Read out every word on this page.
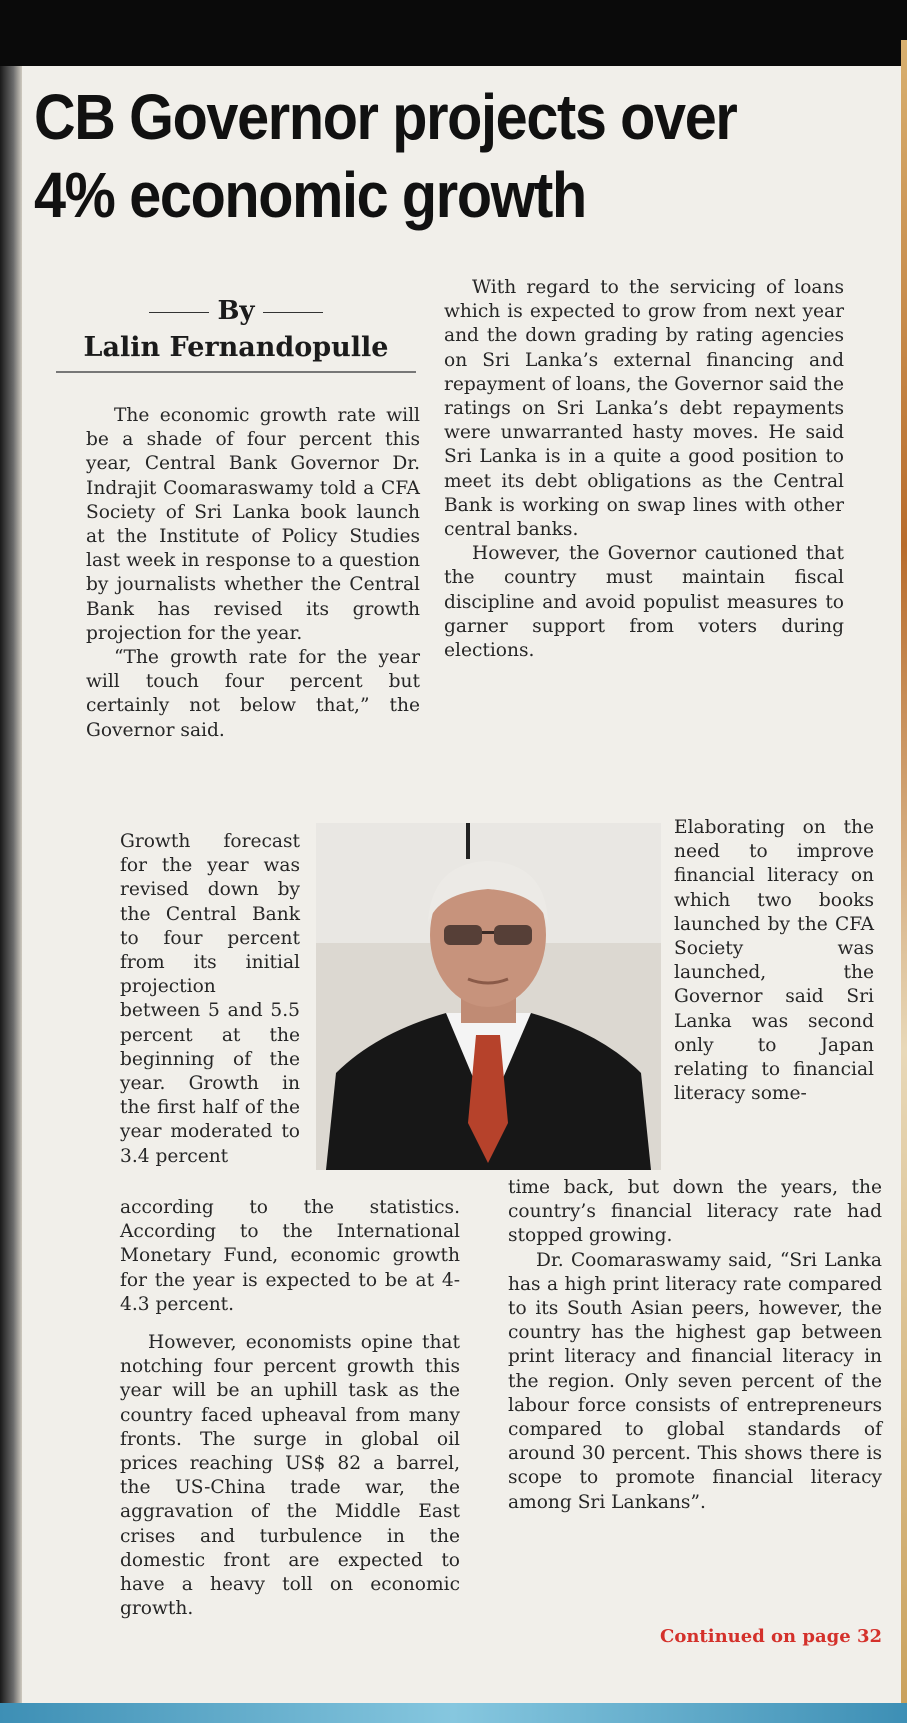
CB Governor projects over 4% economic growth
By
Lalin Fernandopulle

The economic growth rate will be a shade of four percent this year, Central Bank Governor Dr. Indrajit Coomaraswamy told a CFA Society of Sri Lanka book launch at the Institute of Policy Studies last week in response to a question by journalists whether the Central Bank has revised its growth projection for the year.

“The growth rate for the year will touch four percent but certainly not below that,” the Governor said.

Growth forecast for the year was revised down by the Central Bank to four percent from its initial projection between 5 and 5.5 percent at the beginning of the year. Growth in the first half of the year moderated to 3.4 percent

according to the statistics. According to the International Monetary Fund, economic growth for the year is expected to be at 4-4.3 percent.

However, economists opine that notching four percent growth this year will be an uphill task as the country faced upheaval from many fronts. The surge in global oil prices reaching US$ 82 a barrel, the US-China trade war, the aggravation of the Middle East crises and turbulence in the domestic front are expected to have a heavy toll on economic growth.

With regard to the servicing of loans which is expected to grow from next year and the down grading by rating agencies on Sri Lanka’s external financing and repayment of loans, the Governor said the ratings on Sri Lanka’s debt repayments were unwarranted hasty moves. He said Sri Lanka is in a quite a good position to meet its debt obligations as the Central Bank is working on swap lines with other central banks.

However, the Governor cautioned that the country must maintain fiscal discipline and avoid populist measures to garner support from voters during elections.

Elaborating on the need to improve financial literacy on which two books launched by the CFA Society was launched, the Governor said Sri Lanka was second only to Japan relating to financial literacy some-

time back, but down the years, the country’s financial literacy rate had stopped growing.

Dr. Coomaraswamy said, “Sri Lanka has a high print literacy rate compared to its South Asian peers, however, the country has the highest gap between print literacy and financial literacy in the region. Only seven percent of the labour force consists of entrepreneurs compared to global standards of around 30 percent. This shows there is scope to promote financial literacy among Sri Lankans”.

Continued on page 32
